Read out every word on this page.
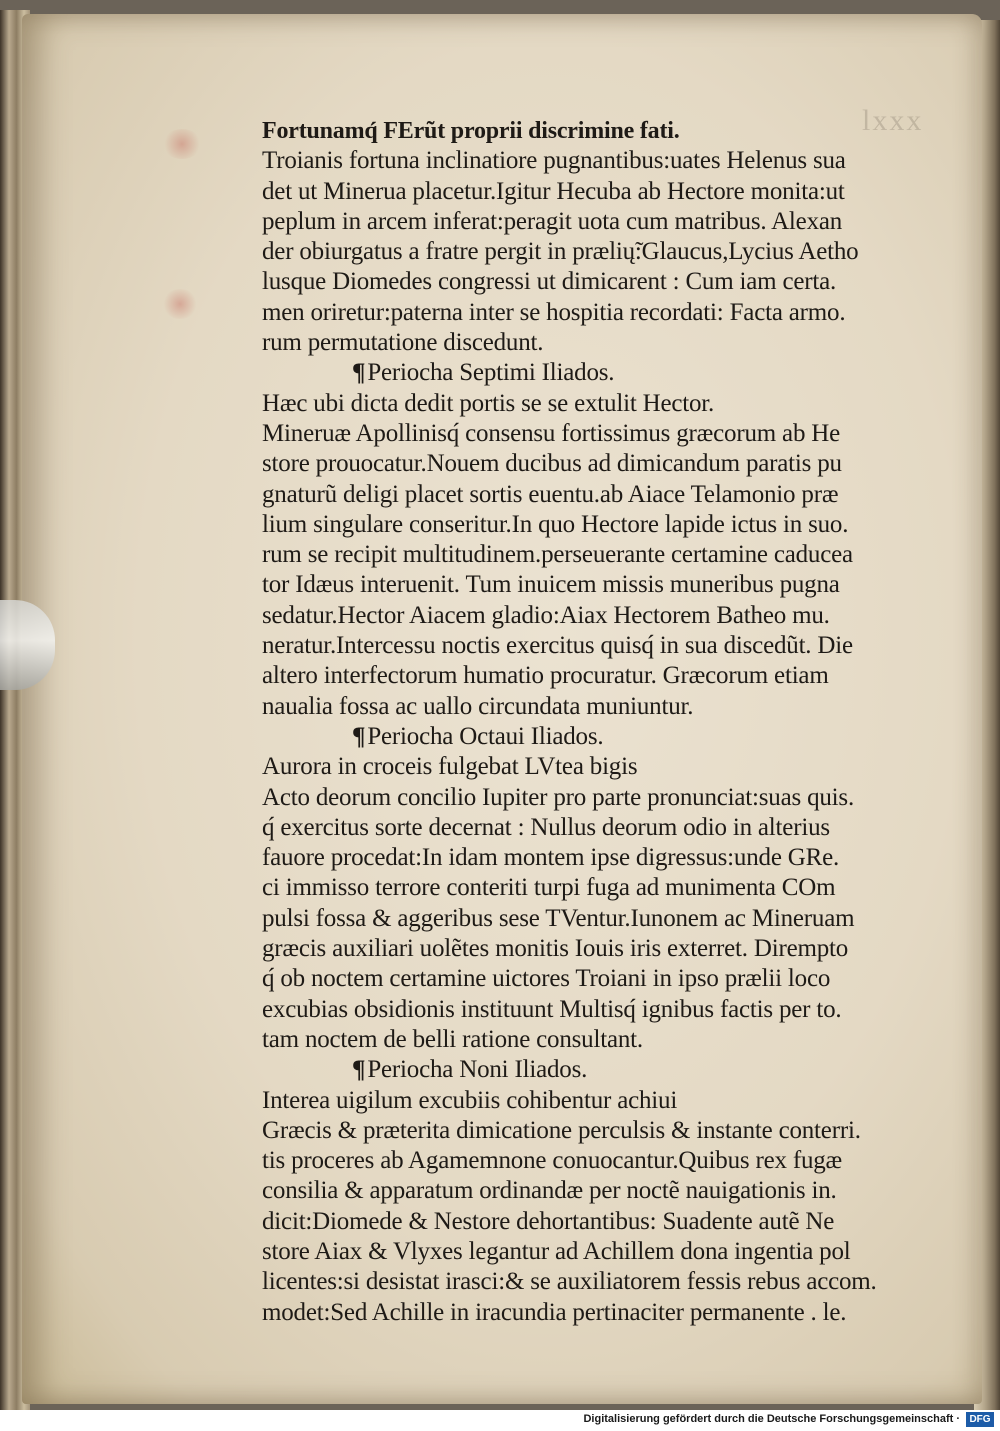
lxxx

Fortunamq́ FErũt proprii discrimine fati.
Troianis fortuna inclinatiore pugnantibus:uates Helenus sua
det ut Minerua placetur.Igitur Hecuba ab Hectore monita:ut
peplum in arcem inferat:peragit uota cum matribus. Alexan
der obiurgatus a fratre pergit in prælių̃:Glaucus,Lycius Aetho
lusque Diomedes congressi ut dimicarent : Cum iam certa.
men oriretur:paterna inter se hospitia recordati: Facta armo.
rum permutatione discedunt.
¶Periocha Septimi Iliados.
Hæc ubi dicta dedit portis se se extulit Hector.
Mineruæ Apollinisq́ consensu fortissimus græcorum ab He
store prouocatur.Nouem ducibus ad dimicandum paratis pu
gnaturũ deligi placet sortis euentu.ab Aiace Telamonio præ
lium singulare conseritur.In quo Hectore lapide ictus in suo.
rum se recipit multitudinem.perseuerante certamine caducea
tor Idæus interuenit. Tum inuicem missis muneribus pugna
sedatur.Hector Aiacem gladio:Aiax Hectorem Batheo mu.
neratur.Intercessu noctis exercitus quisq́ in sua discedũt. Die
altero interfectorum humatio procuratur. Græcorum etiam
naualia fossa ac uallo circundata muniuntur.
¶Periocha Octaui Iliados.
Aurora in croceis fulgebat LVtea bigis
Acto deorum concilio Iupiter pro parte pronunciat:suas quis.
q́ exercitus sorte decernat : Nullus deorum odio in alterius
fauore procedat:In idam montem ipse digressus:unde GRe.
ci immisso terrore conteriti turpi fuga ad munimenta COm
pulsi fossa & aggeribus sese TVentur.Iunonem ac Mineruam
græcis auxiliari uolẽtes monitis Iouis iris exterret. Dirempto
q́ ob noctem certamine uictores Troiani in ipso prælii loco
excubias obsidionis instituunt Multisq́ ignibus factis per to.
tam noctem de belli ratione consultant.
¶Periocha Noni Iliados.
Interea uigilum excubiis cohibentur achiui
Græcis & præterita dimicatione perculsis & instante conterri.
tis proceres ab Agamemnone conuocantur.Quibus rex fugæ
consilia & apparatum ordinandæ per noctẽ nauigationis in.
dicit:Diomede & Nestore dehortantibus: Suadente autẽ Ne
store Aiax & Vlyxes legantur ad Achillem dona ingentia pol
licentes:si desistat irasci:& se auxiliatorem fessis rebus accom.
modet:Sed Achille in iracundia pertinaciter permanente . le.
Digitalisierung gefördert durch die Deutsche Forschungsgemeinschaft · DFG
